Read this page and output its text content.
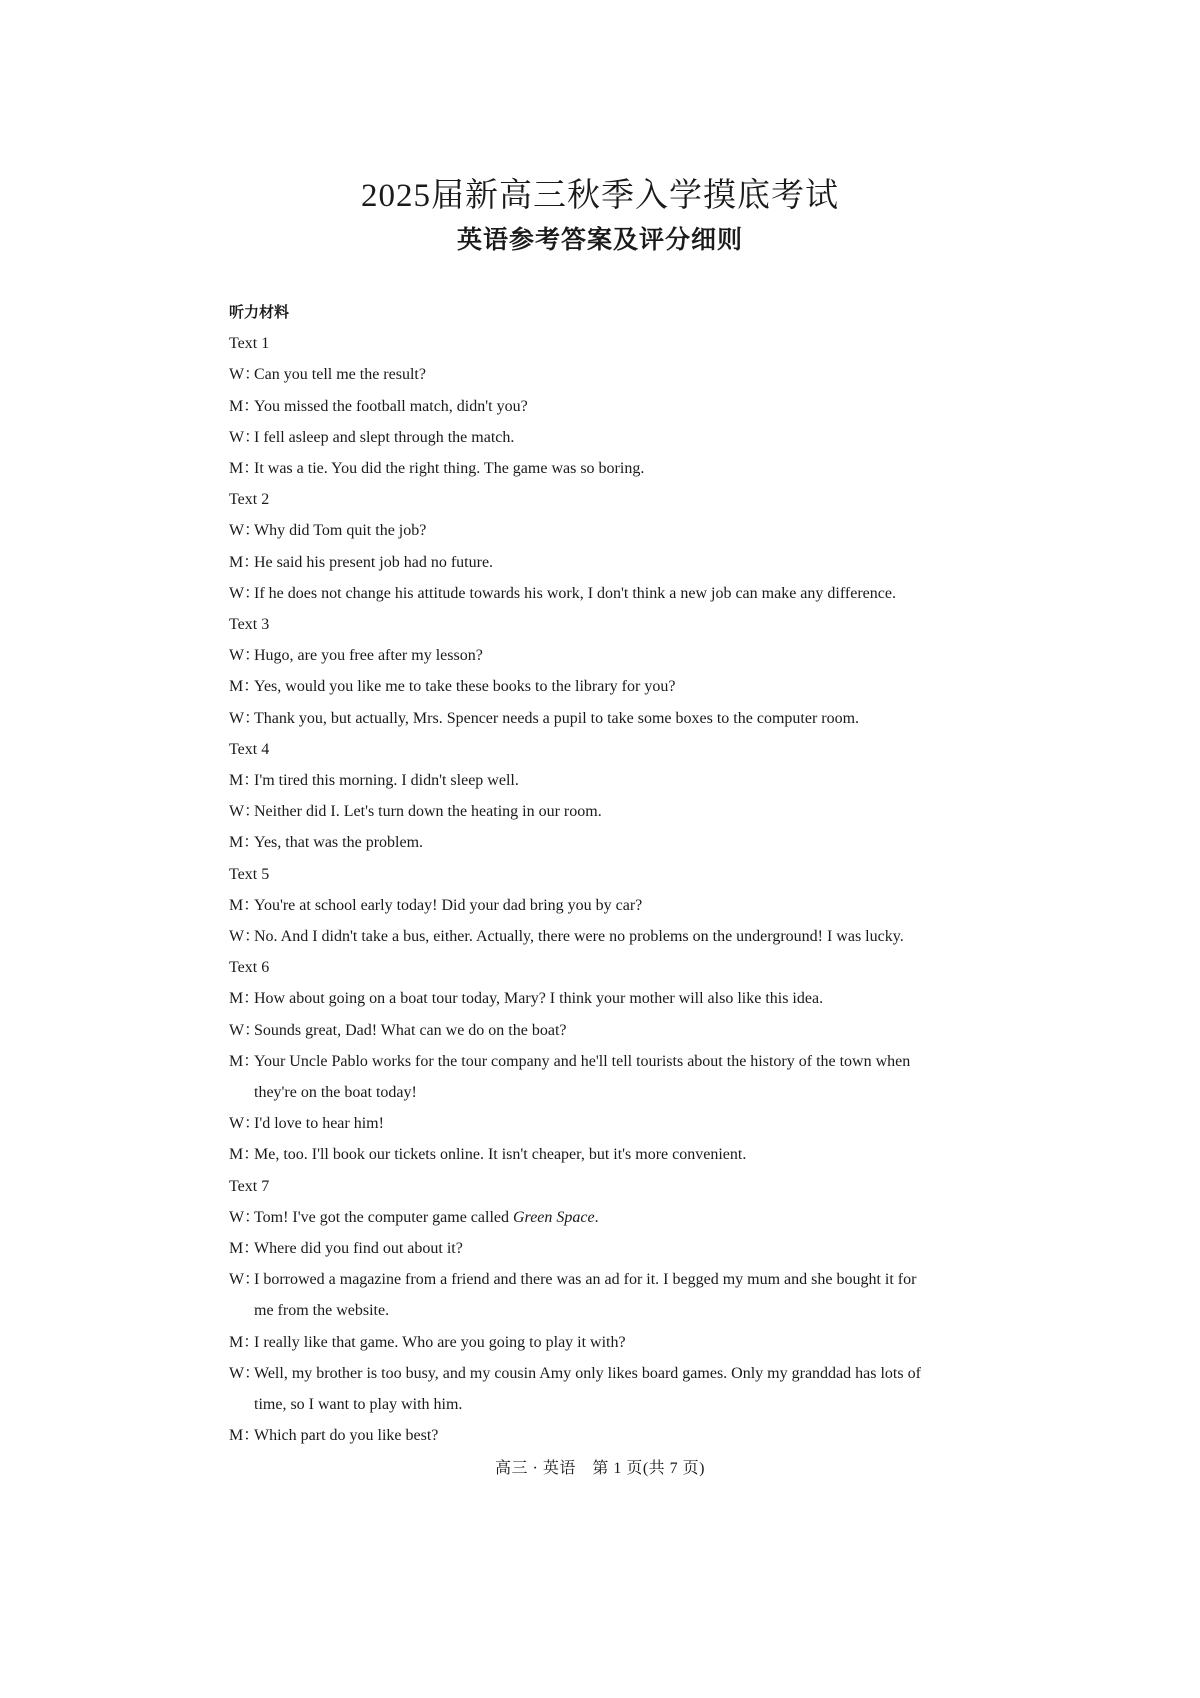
2025届新高三秋季入学摸底考试
英语参考答案及评分细则
听力材料
Text 1
W：
Can you tell me the result?
M：
You missed the football match, didn't you?
W：
I fell asleep and slept through the match.
M：
It was a tie. You did the right thing. The game was so boring.
Text 2
W：
Why did Tom quit the job?
M：
He said his present job had no future.
W：
If he does not change his attitude towards his work, I don't think a new job can make any difference.
Text 3
W：
Hugo, are you free after my lesson?
M：
Yes, would you like me to take these books to the library for you?
W：
Thank you, but actually, Mrs. Spencer needs a pupil to take some boxes to the computer room.
Text 4
M：
I'm tired this morning. I didn't sleep well.
W：
Neither did I. Let's turn down the heating in our room.
M：
Yes, that was the problem.
Text 5
M：
You're at school early today! Did your dad bring you by car?
W：
No. And I didn't take a bus, either. Actually, there were no problems on the underground! I was lucky.
Text 6
M：
How about going on a boat tour today, Mary? I think your mother will also like this idea.
W：
Sounds great, Dad! What can we do on the boat?
M：
Your Uncle Pablo works for the tour company and he'll tell tourists about the history of the town when they're on the boat today!
W：
I'd love to hear him!
M：
Me, too. I'll book our tickets online. It isn't cheaper, but it's more convenient.
Text 7
W：
Tom! I've got the computer game called Green Space.
M：
Where did you find out about it?
W：
I borrowed a magazine from a friend and there was an ad for it. I begged my mum and she bought it for me from the website.
M：
I really like that game. Who are you going to play it with?
W：
Well, my brother is too busy, and my cousin Amy only likes board games. Only my granddad has lots of time, so I want to play with him.
M：
Which part do you like best?
高三 · 英语　第 1 页(共 7 页)
